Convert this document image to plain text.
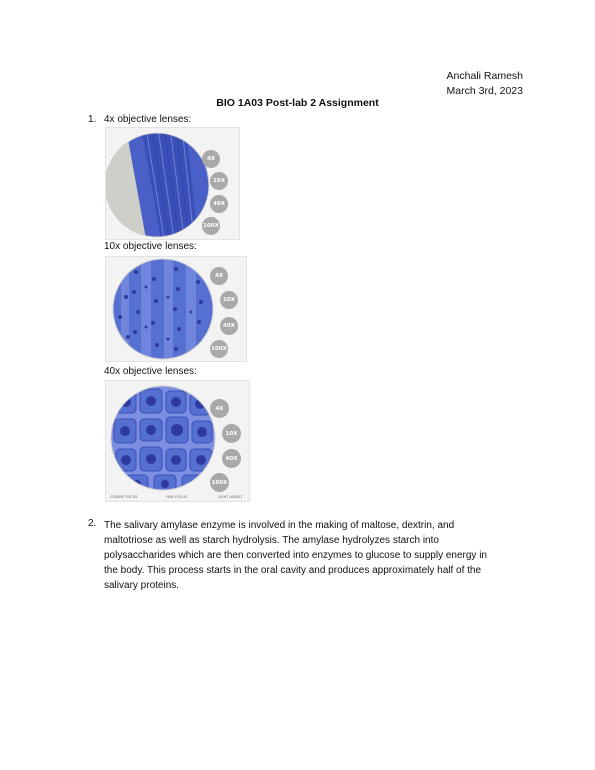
Anchali Ramesh
March 3rd, 2023
BIO 1A03 Post-lab 2 Assignment
1. 4x objective lenses:
4X
10X
40X
100X
10x objective lenses:
4X
10X
40X
100X
40x objective lenses:
4X
10X
40X
100X
COARSE FOCUS	FINE FOCUS	LIGHT ADJUST
2. The salivary amylase enzyme is involved in the making of maltose, dextrin, and
maltotriose as well as starch hydrolysis. The amylase hydrolyzes starch into
polysaccharides which are then converted into enzymes to glucose to supply energy in
the body. This process starts in the oral cavity and produces approximately half of the
salivary proteins.
